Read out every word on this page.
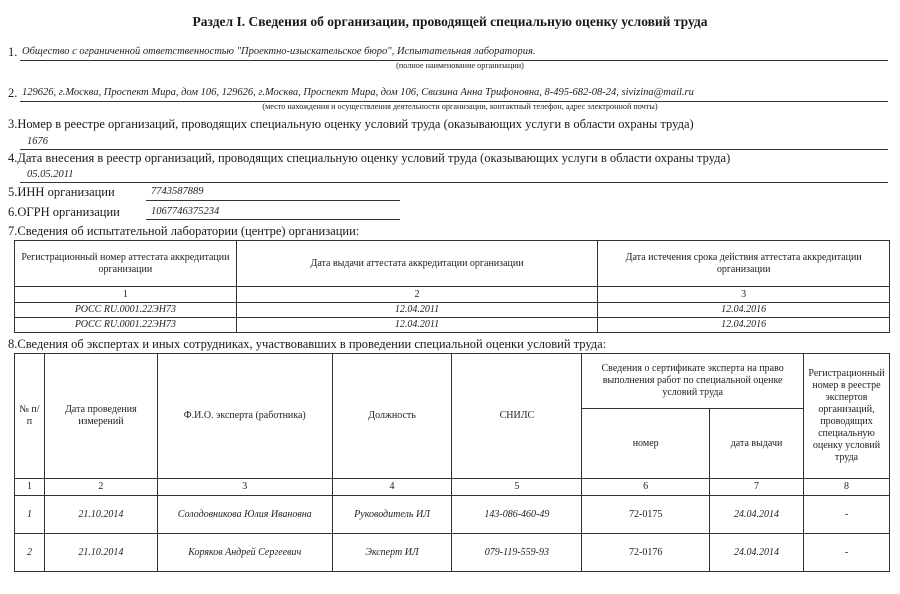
Раздел I. Сведения об организации, проводящей специальную оценку условий труда
1. Общество с ограниченной ответственностью "Проектно-изыскательское бюро", Испытательная лаборатория.
(полное наименование организации)
2. 129626, г.Москва, Проспект Мира, дом 106, 129626, г.Москва, Проспект Мира, дом 106, Свизина Анна Трифоновна, 8-495-682-08-24, sivizina@mail.ru
(место нахождения и осуществления деятельности организации, контактный телефон, адрес электронной почты)
3.Номер в реестре организаций, проводящих специальную оценку условий труда (оказывающих услуги в области охраны труда)
1676
4.Дата внесения в реестр организаций, проводящих специальную оценку условий труда (оказывающих услуги в области охраны труда)
05.05.2011
5.ИНН организации	7743587889
6.ОГРН организации	1067746375234
7.Сведения об испытательной лаборатории (центре) организации:
Регистрационный номер аттестата аккредитации организации	Дата выдачи аттестата аккредитации организации	Дата истечения срока действия аттестата аккредитации организации
1	2	3
РОСС RU.0001.22ЭН73	12.04.2011	12.04.2016
РОСС RU.0001.22ЭН73	12.04.2011	12.04.2016
8.Сведения об экспертах и иных сотрудниках, участвовавших в проведении специальной оценки условий труда:
№ п/п	Дата проведения измерений	Ф.И.О. эксперта (работника)	Должность	СНИЛС	Сведения о сертификате эксперта на право выполнения работ по специальной оценке условий труда		Регистрационный номер в реестре экспертов организаций, проводящих специальную оценку условий труда
					номер	дата выдачи	
1	2	3	4	5	6	7	8
1	21.10.2014	Солодовникова Юлия Ивановна	Руководитель ИЛ	143-086-460-49	72-0175	24.04.2014	-
2	21.10.2014	Коряков Андрей Сергеевич	Эксперт ИЛ	079-119-559-93	72-0176	24.04.2014	-
